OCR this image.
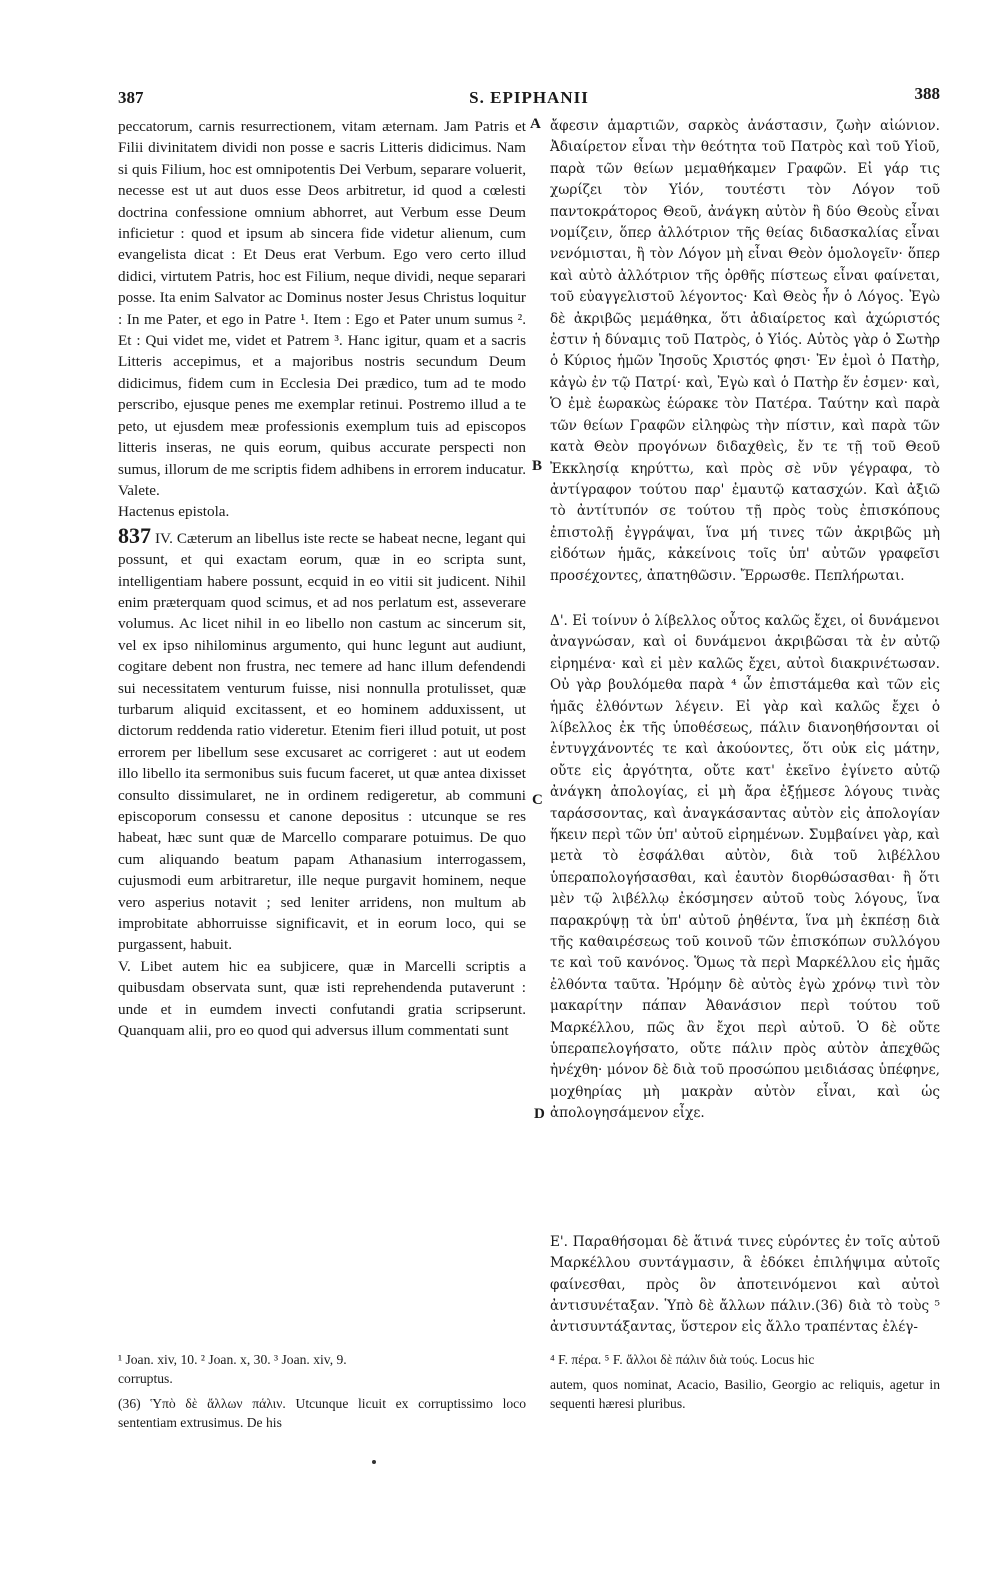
387	S. EPIPHANII	388

peccatorum, carnis resurrectionem, vitam æternam. Jam Patris et Filii divinitatem dividi non posse e sacris Litteris didicimus. Nam si quis Filium, hoc est omnipotentis Dei Verbum, separare voluerit, necesse est ut aut duos esse Deos arbitretur, id quod a cœlesti doctrina confessione omnium abhorret, aut Verbum esse Deum inficietur : quod et ipsum ab sincera fide videtur alienum, cum evangelista dicat : Et Deus erat Verbum. Ego vero certo illud didici, virtutem Patris, hoc est Filium, neque dividi, neque separari posse. Ita enim Salvator ac Dominus noster Jesus Christus loquitur : In me Pater, et ego in Patre ¹. Item : Ego et Pater unum sumus ². Et : Qui videt me, videt et Patrem ³. Hanc igitur, quam et a sacris Litteris accepimus, et a majoribus nostris secundum Deum didicimus, fidem cum in Ecclesia Dei prædico, tum ad te modo perscribo, ejusque penes me exemplar retinui. Postremo illud a te peto, ut ejusdem meæ professionis exemplum tuis ad episcopos litteris inseras, ne quis eorum, quibus accurate perspecti non sumus, illorum de me scriptis fidem adhibens in errorem inducatur. Valete.

Hactenus epistola.

837 IV. Cæterum an libellus iste recte se habeat necne, legant qui possunt, et qui exactam eorum, quæ in eo scripta sunt, intelligentiam habere possunt, ecquid in eo vitii sit judicent. Nihil enim præterquam quod scimus, et ad nos perlatum est, asseverare volumus. Ac licet nihil in eo libello non castum ac sincerum sit, vel ex ipso nihilominus argumento, qui hunc legunt aut audiunt, cogitare debent non frustra, nec temere ad hanc illum defendendi sui necessitatem venturum fuisse, nisi nonnulla protulisset, quæ turbarum aliquid excitassent, et eo hominem adduxissent, ut dictorum reddenda ratio videretur. Etenim fieri illud potuit, ut post errorem per libellum sese excusaret ac corrigeret : aut ut eodem illo libello ita sermonibus suis fucum faceret, ut quæ antea dixisset consulto dissimularet, ne in ordinem redigeretur, ab communi episcoporum consessu et canone depositus : utcunque se res habeat, hæc sunt quæ de Marcello comparare potuimus. De quo cum aliquando beatum papam Athanasium interrogassem, cujusmodi eum arbitraretur, ille neque purgavit hominem, neque vero asperius notavit ; sed leniter arridens, non multum ab improbitate abhorruisse significavit, et in eorum loco, qui se purgassent, habuit.

V. Libet autem hic ea subjicere, quæ in Marcelli scriptis a quibusdam observata sunt, quæ isti reprehendenda putaverunt : unde et in eumdem invecti confutandi gratia scripserunt. Quanquam alii, pro eo quod qui adversus illum commentati sunt

ἄφεσιν ἁμαρτιῶν, σαρκὸς ἀνάστασιν, ζωὴν αἰώνιον. Ἀδιαίρετον εἶναι τὴν θεότητα τοῦ Πατρὸς καὶ τοῦ Υἱοῦ, παρὰ τῶν θείων μεμαθήκαμεν Γραφῶν. Εἰ γάρ τις χωρίζει τὸν Υἱόν, τουτέστι τὸν Λόγον τοῦ παντοκράτορος Θεοῦ, ἀνάγκη αὐτὸν ἢ δύο Θεοὺς εἶναι νομίζειν, ὅπερ ἀλλότριον τῆς θείας διδασκαλίας εἶναι νενόμισται, ἢ τὸν Λόγον μὴ εἶναι Θεὸν ὁμολογεῖν· ὅπερ καὶ αὐτὸ ἀλλότριον τῆς ὀρθῆς πίστεως εἶναι φαίνεται, τοῦ εὐαγγελιστοῦ λέγοντος· Καὶ Θεὸς ἦν ὁ Λόγος. Ἐγὼ δὲ ἀκριβῶς μεμάθηκα, ὅτι ἀδιαίρετος καὶ ἀχώριστός ἐστιν ἡ δύναμις τοῦ Πατρὸς, ὁ Υἱός. Αὐτὸς γὰρ ὁ Σωτὴρ ὁ Κύριος ἡμῶν Ἰησοῦς Χριστός φησι· Ἐν ἐμοὶ ὁ Πατὴρ, κἀγὼ ἐν τῷ Πατρί· καὶ, Ἐγὼ καὶ ὁ Πατὴρ ἕν ἐσμεν· καὶ, Ὁ ἐμὲ ἑωρακὼς ἑώρακε τὸν Πατέρα. Ταύτην καὶ παρὰ τῶν θείων Γραφῶν εἰληφὼς τὴν πίστιν, καὶ παρὰ τῶν κατὰ Θεὸν προγόνων διδαχθεὶς, ἔν τε τῇ τοῦ Θεοῦ Ἐκκλησίᾳ κηρύττω, καὶ πρὸς σὲ νῦν γέγραφα, τὸ ἀντίγραφον τούτου παρ' ἐμαυτῷ κατασχών. Καὶ ἀξιῶ τὸ ἀντίτυπόν σε τούτου τῇ πρὸς τοὺς ἐπισκόπους ἐπιστολῇ ἐγγράψαι, ἵνα μή τινες τῶν ἀκριβῶς μὴ εἰδότων ἡμᾶς, κἀκείνοις τοῖς ὑπ' αὐτῶν γραφεῖσι προσέχοντες, ἀπατηθῶσιν. Ἔρρωσθε. Πεπλήρωται.

Δ'. Εἰ τοίνυν ὁ λίβελλος οὗτος καλῶς ἔχει, οἱ δυνάμενοι ἀναγνώσαν, καὶ οἱ δυνάμενοι ἀκριβῶσαι τὰ ἐν αὐτῷ εἰρημένα· καὶ εἰ μὲν καλῶς ἔχει, αὐτοὶ διακρινέτωσαν. Οὐ γὰρ βουλόμεθα παρὰ ⁴ ὧν ἐπιστάμεθα καὶ τῶν εἰς ἡμᾶς ἐλθόντων λέγειν. Εἰ γὰρ καὶ καλῶς ἔχει ὁ λίβελλος ἐκ τῆς ὑποθέσεως, πάλιν διανοηθήσονται οἱ ἐντυγχάνοντές τε καὶ ἀκούοντες, ὅτι οὐκ εἰς μάτην, οὔτε εἰς ἀργότητα, οὔτε κατ' ἐκεῖνο ἐγίνετο αὐτῷ ἀνάγκη ἀπολογίας, εἰ μὴ ἄρα ἐξῄμεσε λόγους τινὰς ταράσσοντας, καὶ ἀναγκάσαντας αὐτὸν εἰς ἀπολογίαν ἥκειν περὶ τῶν ὑπ' αὐτοῦ εἰρημένων. Συμβαίνει γὰρ, καὶ μετὰ τὸ ἐσφάλθαι αὐτὸν, διὰ τοῦ λιβέλλου ὑπεραπολογήσασθαι, καὶ ἑαυτὸν διορθώσασθαι· ἢ ὅτι μὲν τῷ λιβέλλῳ ἐκόσμησεν αὐτοῦ τοὺς λόγους, ἵνα παρακρύψῃ τὰ ὑπ' αὐτοῦ ῥηθέντα, ἵνα μὴ ἐκπέσῃ διὰ τῆς καθαιρέσεως τοῦ κοινοῦ τῶν ἐπισκόπων συλλόγου τε καὶ τοῦ κανόνος. Ὅμως τὰ περὶ Μαρκέλλου εἰς ἡμᾶς ἐλθόντα ταῦτα. Ἠρόμην δὲ αὐτὸς ἐγὼ χρόνῳ τινὶ τὸν μακαρίτην πάπαν Ἀθανάσιον περὶ τούτου τοῦ Μαρκέλλου, πῶς ἂν ἔχοι περὶ αὐτοῦ. Ὁ δὲ οὔτε ὑπεραπελογήσατο, οὔτε πάλιν πρὸς αὐτὸν ἀπεχθῶς ἠνέχθη· μόνον δὲ διὰ τοῦ προσώπου μειδιάσας ὑπέφηνε, μοχθηρίας μὴ μακρὰν αὐτὸν εἶναι, καὶ ὡς ἀπολογησάμενον εἶχε.

Ε'. Παραθήσομαι δὲ ἅτινά τινες εὑρόντες ἐν τοῖς αὐτοῦ Μαρκέλλου συντάγμασιν, ἃ ἐδόκει ἐπιλήψιμα αὐτοῖς φαίνεσθαι, πρὸς ὃν ἀποτεινόμενοι καὶ αὐτοὶ ἀντισυνέταξαν. Ὑπὸ δὲ ἄλλων πάλιν.(36) διὰ τὸ τοὺς ⁵ ἀντισυντάξαντας, ὕστερον εἰς ἄλλο τραπέντας ἐλέγ-

A
B
C
D

¹ Joan. xiv, 10. ² Joan. x, 30. ³ Joan. xiv, 9.

corruptus.

(36) Ὑπὸ δὲ ἄλλων πάλιν. Utcunque licuit ex corruptissimo loco sententiam extrusimus. De his

⁴ F. πέρα. ⁵ F. ἄλλοι δὲ πάλιν διὰ τούς. Locus hic

autem, quos nominat, Acacio, Basilio, Georgio ac reliquis, agetur in sequenti hæresi pluribus.
